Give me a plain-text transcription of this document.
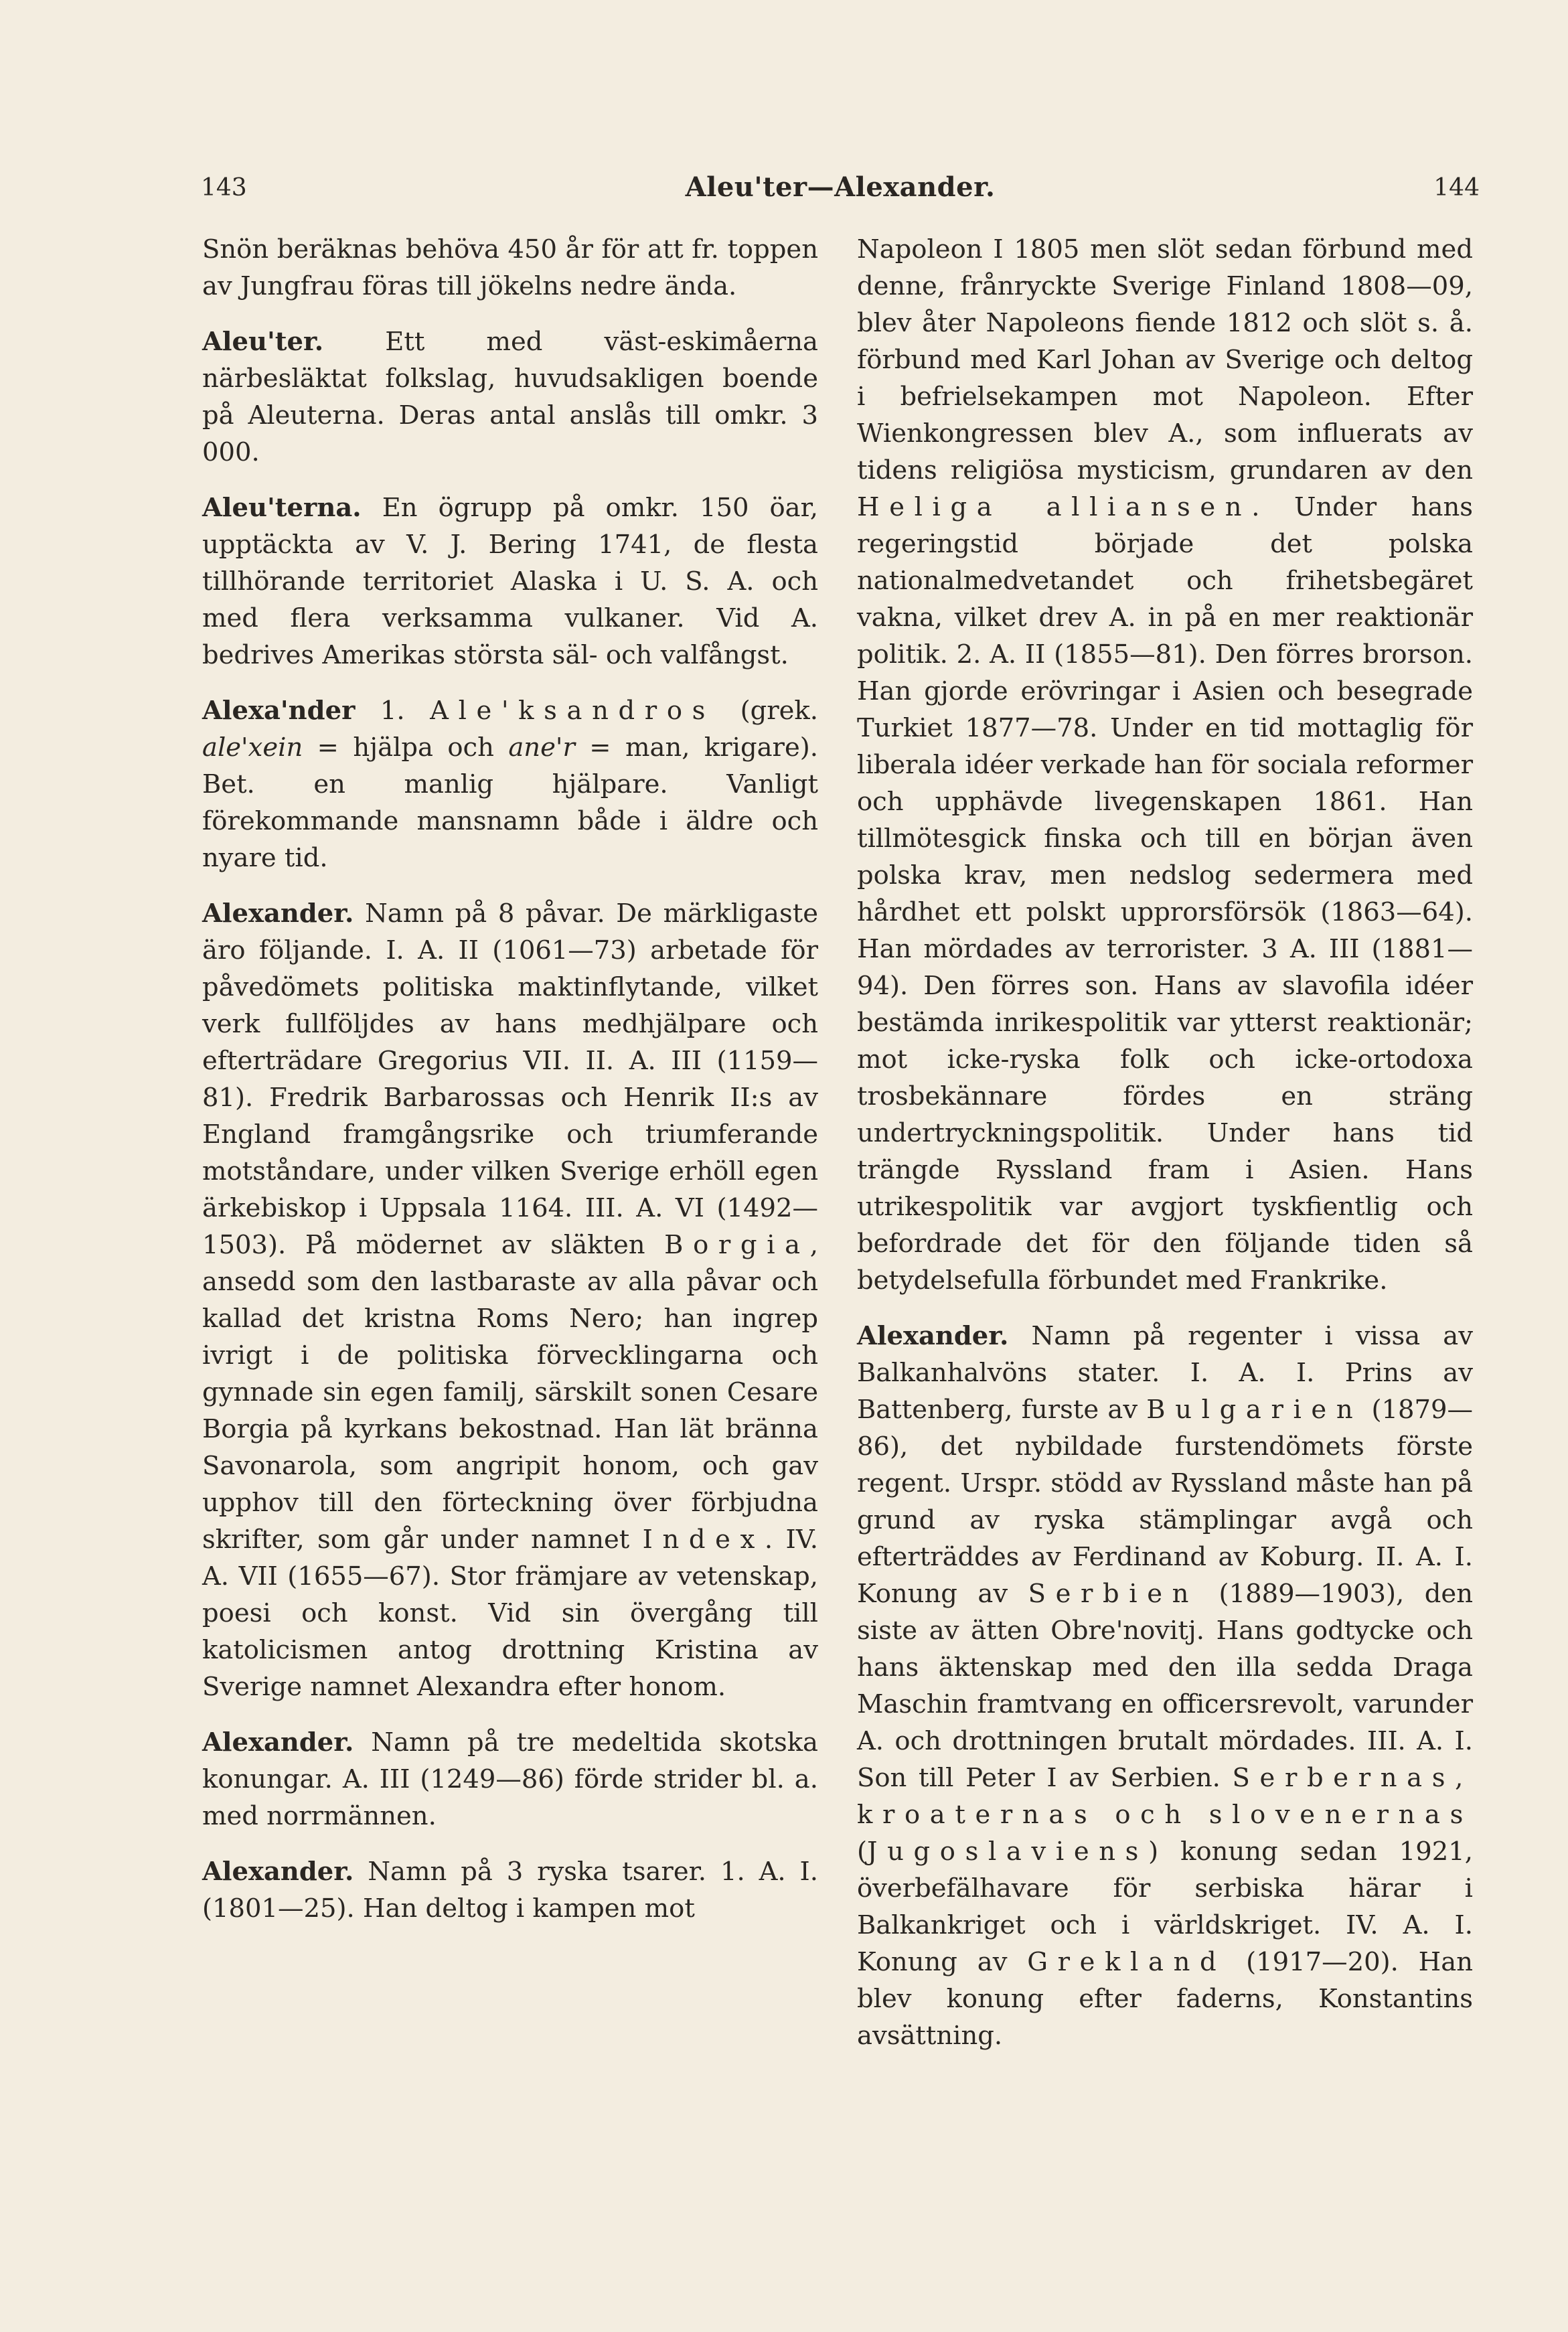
143	Aleu'ter—Alexander.	144

Snön beräknas behöva 450 år för att fr. toppen av Jungfrau föras till jökelns nedre ända.

Aleu'ter. Ett med väst-eskimåerna närbesläktat folkslag, huvudsakligen boende på Aleuterna. Deras antal anslås till omkr. 3 000.

Aleu'terna. En ögrupp på omkr. 150 öar, upptäckta av V. J. Bering 1741, de flesta tillhörande territoriet Alaska i U. S. A. och med flera verksamma vulkaner. Vid A. bedrives Amerikas största säl- och valfångst.

Alexa'nder 1. Ale'ksandros (grek. ale'xein = hjälpa och ane'r = man, krigare). Bet. en manlig hjälpare. Vanligt förekommande mansnamn både i äldre och nyare tid.

Alexander. Namn på 8 påvar. De märkligaste äro följande. I. A. II (1061—73) arbetade för påvedömets politiska maktinflytande, vilket verk fullföljdes av hans medhjälpare och efterträdare Gregorius VII. II. A. III (1159—81). Fredrik Barbarossas och Henrik II:s av England framgångsrike och triumferande motståndare, under vilken Sverige erhöll egen ärkebiskop i Uppsala 1164. III. A. VI (1492—1503). På mödernet av släkten Borgia, ansedd som den lastbaraste av alla påvar och kallad det kristna Roms Nero; han ingrep ivrigt i de politiska förvecklingarna och gynnade sin egen familj, särskilt sonen Cesare Borgia på kyrkans bekostnad. Han lät bränna Savonarola, som angripit honom, och gav upphov till den förteckning över förbjudna skrifter, som går under namnet Index. IV. A. VII (1655—67). Stor främjare av vetenskap, poesi och konst. Vid sin övergång till katolicismen antog drottning Kristina av Sverige namnet Alexandra efter honom.

Alexander. Namn på tre medeltida skotska konungar. A. III (1249—86) förde strider bl. a. med norrmännen.

Alexander. Namn på 3 ryska tsarer. 1. A. I. (1801—25). Han deltog i kampen mot

Napoleon I 1805 men slöt sedan förbund med denne, frånryckte Sverige Finland 1808—09, blev åter Napoleons fiende 1812 och slöt s. å. förbund med Karl Johan av Sverige och deltog i befrielsekampen mot Napoleon. Efter Wienkongressen blev A., som influerats av tidens religiösa mysticism, grundaren av den Heliga alliansen. Under hans regeringstid började det polska nationalmedvetandet och frihetsbegäret vakna, vilket drev A. in på en mer reaktionär politik. 2. A. II (1855—81). Den förres brorson. Han gjorde erövringar i Asien och besegrade Turkiet 1877—78. Under en tid mottaglig för liberala idéer verkade han för sociala reformer och upphävde livegenskapen 1861. Han tillmötesgick finska och till en början även polska krav, men nedslog sedermera med hårdhet ett polskt upprorsförsök (1863—64). Han mördades av terrorister. 3 A. III (1881—94). Den förres son. Hans av slavofila idéer bestämda inrikespolitik var ytterst reaktionär; mot icke-ryska folk och icke-ortodoxa trosbekännare fördes en sträng undertryckningspolitik. Under hans tid trängde Ryssland fram i Asien. Hans utrikespolitik var avgjort tyskfientlig och befordrade det för den följande tiden så betydelsefulla förbundet med Frankrike.

Alexander. Namn på regenter i vissa av Balkanhalvöns stater. I. A. I. Prins av Battenberg, furste av Bulgarien (1879—86), det nybildade furstendömets förste regent. Urspr. stödd av Ryssland måste han på grund av ryska stämplingar avgå och efterträddes av Ferdinand av Koburg. II. A. I. Konung av Serbien (1889—1903), den siste av ätten Obre'novitj. Hans godtycke och hans äktenskap med den illa sedda Draga Maschin framtvang en officersrevolt, varunder A. och drottningen brutalt mördades. III. A. I. Son till Peter I av Serbien. Serbernas, kroaternas och slovenernas (Jugoslaviens) konung sedan 1921, överbefälhavare för serbiska härar i Balkankriget och i världskriget. IV. A. I. Konung av Grekland (1917—20). Han blev konung efter faderns, Konstantins avsättning.
